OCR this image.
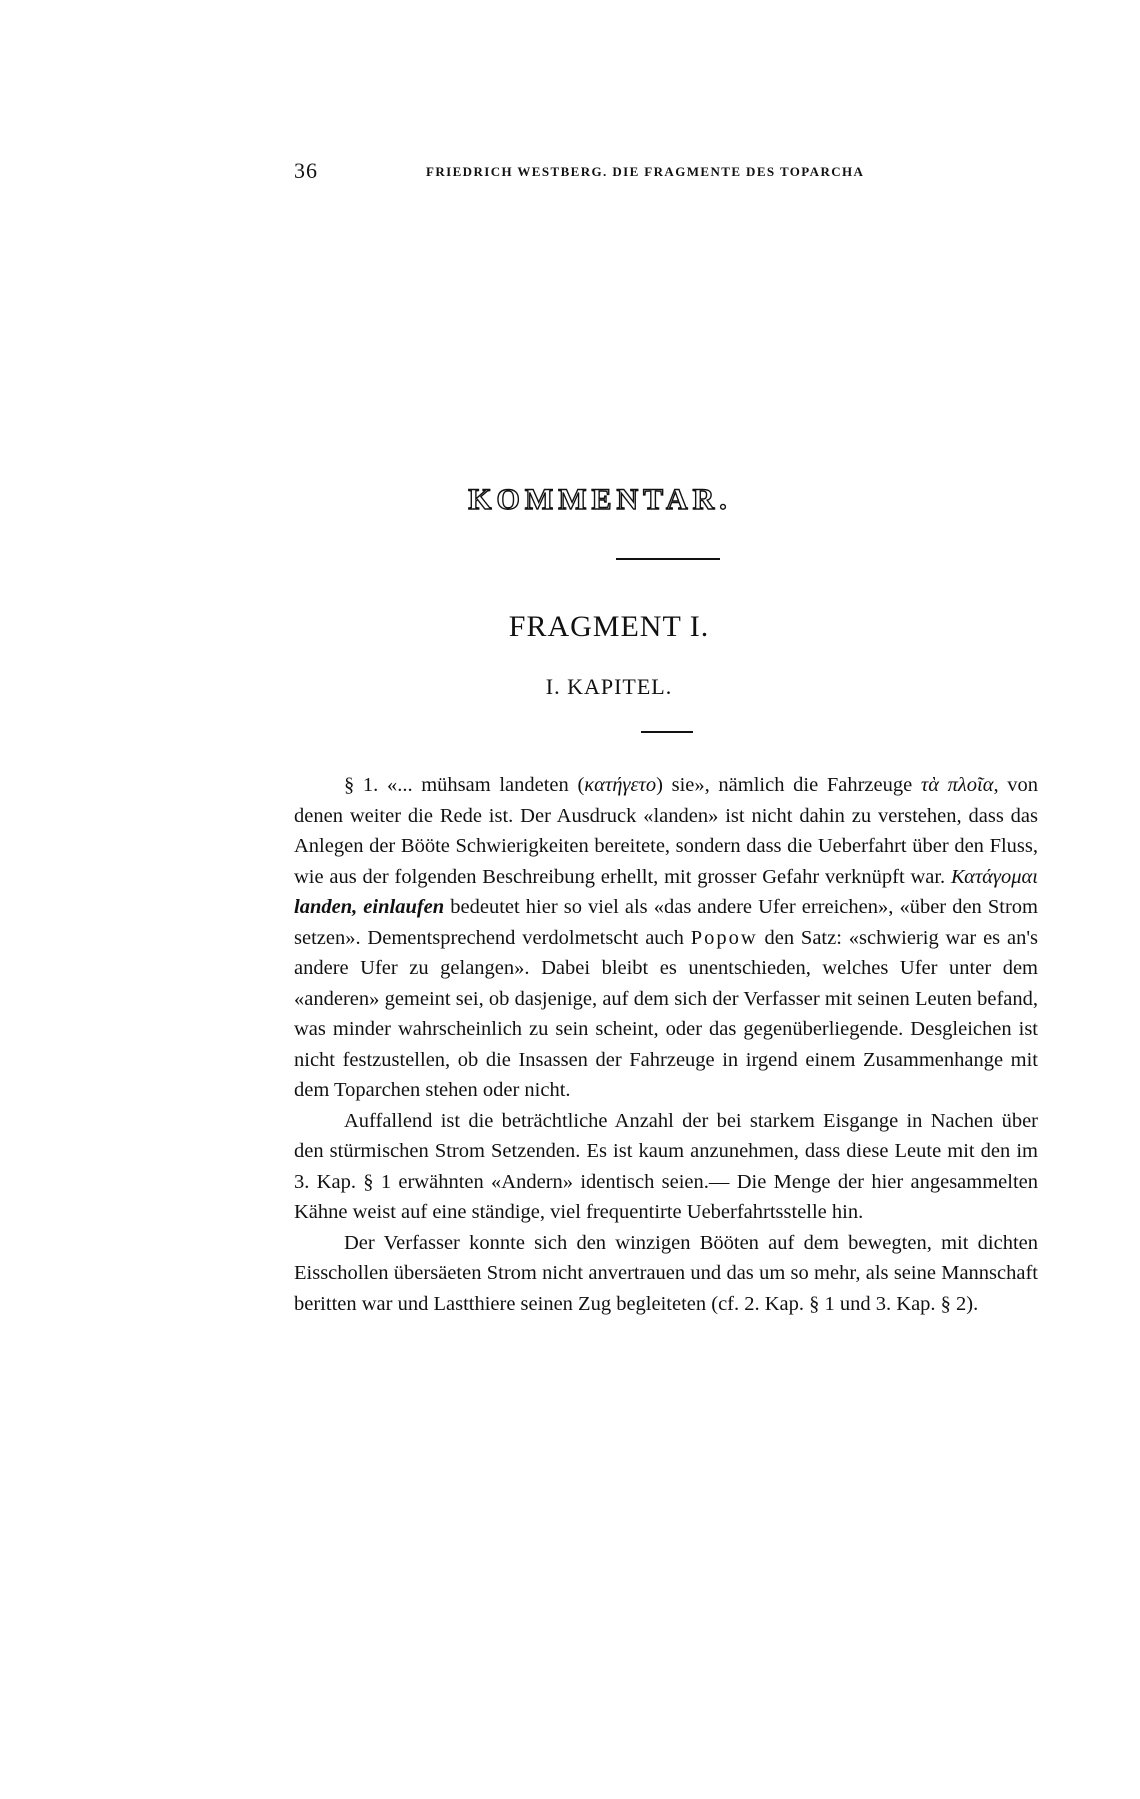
36	FRIEDRICH WESTBERG. DIE FRAGMENTE DES TOPARCHA
KOMMENTAR.
FRAGMENT I.
I. KAPITEL.

§ 1. «... mühsam landeten (κατήγετο) sie», nämlich die Fahrzeuge τὰ πλοῖα, von denen weiter die Rede ist. Der Ausdruck «landen» ist nicht dahin zu verstehen, dass das Anlegen der Bööte Schwierigkeiten bereitete, sondern dass die Ueberfahrt über den Fluss, wie aus der folgenden Beschreibung erhellt, mit grosser Gefahr verknüpft war. Κατάγομαι landen, einlaufen bedeutet hier so viel als «das andere Ufer erreichen», «über den Strom setzen». Dementsprechend verdolmetscht auch Popow den Satz: «schwierig war es an's andere Ufer zu gelangen». Dabei bleibt es unentschieden, welches Ufer unter dem «anderen» gemeint sei, ob dasjenige, auf dem sich der Verfasser mit seinen Leuten befand, was minder wahrscheinlich zu sein scheint, oder das gegenüberliegende. Desgleichen ist nicht festzustellen, ob die Insassen der Fahrzeuge in irgend einem Zusammenhange mit dem Toparchen stehen oder nicht.

Auffallend ist die beträchtliche Anzahl der bei starkem Eisgange in Nachen über den stürmischen Strom Setzenden. Es ist kaum anzunehmen, dass diese Leute mit den im 3. Kap. § 1 erwähnten «Andern» identisch seien.— Die Menge der hier angesammelten Kähne weist auf eine ständige, viel frequentirte Ueberfahrtsstelle hin.

Der Verfasser konnte sich den winzigen Bööten auf dem bewegten, mit dichten Eisschollen übersäeten Strom nicht anvertrauen und das um so mehr, als seine Mannschaft beritten war und Lastthiere seinen Zug begleiteten (cf. 2. Kap. § 1 und 3. Kap. § 2).
